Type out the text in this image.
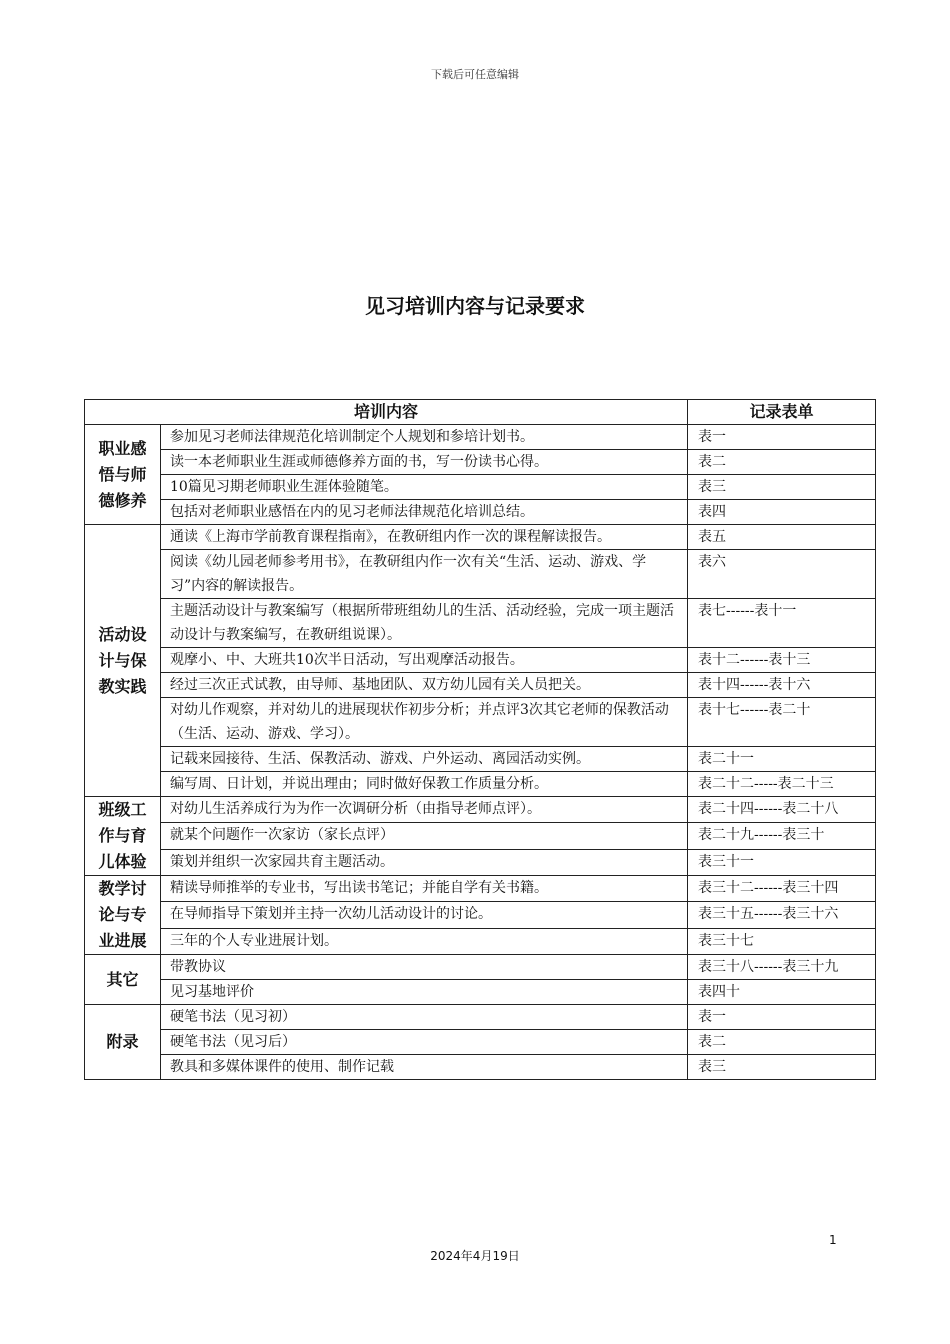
下载后可任意编辑
见习培训内容与记录要求
培训内容		记录表单
职业感悟与师德修养	参加见习老师法律规范化培训制定个人规划和参培计划书。	表一
	读一本老师职业生涯或师德修养方面的书，写一份读书心得。	表二
	10篇见习期老师职业生涯体验随笔。	表三
	包括对老师职业感悟在内的见习老师法律规范化培训总结。	表四
活动设计与保教实践	通读《上海市学前教育课程指南》，在教研组内作一次的课程解读报告。	表五
	阅读《幼儿园老师参考用书》，在教研组内作一次有关“生活、运动、游戏、学习”内容的解读报告。	表六
	主题活动设计与教案编写（根据所带班组幼儿的生活、活动经验，完成一项主题活动设计与教案编写，在教研组说课）。	表七------表十一
	观摩小、中、大班共10次半日活动，写出观摩活动报告。	表十二------表十三
	经过三次正式试教，由导师、基地团队、双方幼儿园有关人员把关。	表十四------表十六
	对幼儿作观察，并对幼儿的进展现状作初步分析；并点评3次其它老师的保教活动（生活、运动、游戏、学习）。	表十七------表二十
	记载来园接待、生活、保教活动、游戏、户外运动、离园活动实例。	表二十一
	编写周、日计划，并说出理由；同时做好保教工作质量分析。	表二十二-----表二十三
班级工作与育儿体验	对幼儿生活养成行为为作一次调研分析（由指导老师点评）。	表二十四------表二十八
	就某个问题作一次家访（家长点评）	表二十九------表三十
	策划并组织一次家园共育主题活动。	表三十一
教学讨论与专业进展	精读导师推举的专业书，写出读书笔记；并能自学有关书籍。	表三十二------表三十四
	在导师指导下策划并主持一次幼儿活动设计的讨论。	表三十五------表三十六
	三年的个人专业进展计划。	表三十七
其它	带教协议	表三十八------表三十九
	见习基地评价	表四十
附录	硬笔书法（见习初）	表一
	硬笔书法（见习后）	表二
	教具和多媒体课件的使用、制作记载	表三
1
2024年4月19日
